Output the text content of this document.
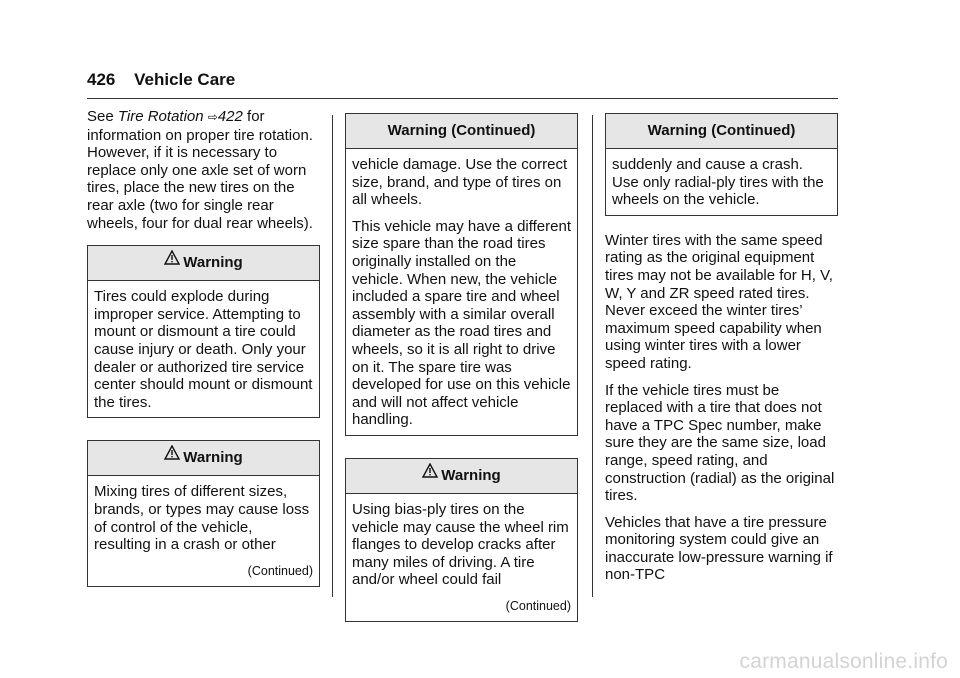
426 Vehicle Care

See Tire Rotation ⇨422 for information on proper tire rotation. However, if it is necessary to replace only one axle set of worn tires, place the new tires on the rear axle (two for single rear wheels, four for dual rear wheels).

Warning

Tires could explode during improper service. Attempting to mount or dismount a tire could cause injury or death. Only your dealer or authorized tire service center should mount or dismount the tires.

Warning

Mixing tires of different sizes, brands, or types may cause loss of control of the vehicle, resulting in a crash or other

(Continued)
Warning (Continued)

vehicle damage. Use the correct size, brand, and type of tires on all wheels.

This vehicle may have a different size spare than the road tires originally installed on the vehicle. When new, the vehicle included a spare tire and wheel assembly with a similar overall diameter as the road tires and wheels, so it is all right to drive on it. The spare tire was developed for use on this vehicle and will not affect vehicle handling.

Warning

Using bias-ply tires on the vehicle may cause the wheel rim flanges to develop cracks after many miles of driving. A tire and/or wheel could fail

(Continued)
Warning (Continued)

suddenly and cause a crash. Use only radial-ply tires with the wheels on the vehicle.

Winter tires with the same speed rating as the original equipment tires may not be available for H, V, W, Y and ZR speed rated tires. Never exceed the winter tires’ maximum speed capability when using winter tires with a lower speed rating.

If the vehicle tires must be replaced with a tire that does not have a TPC Spec number, make sure they are the same size, load range, speed rating, and construction (radial) as the original tires.

Vehicles that have a tire pressure monitoring system could give an inaccurate low-pressure warning if non-TPC

carmanualsonline.info
